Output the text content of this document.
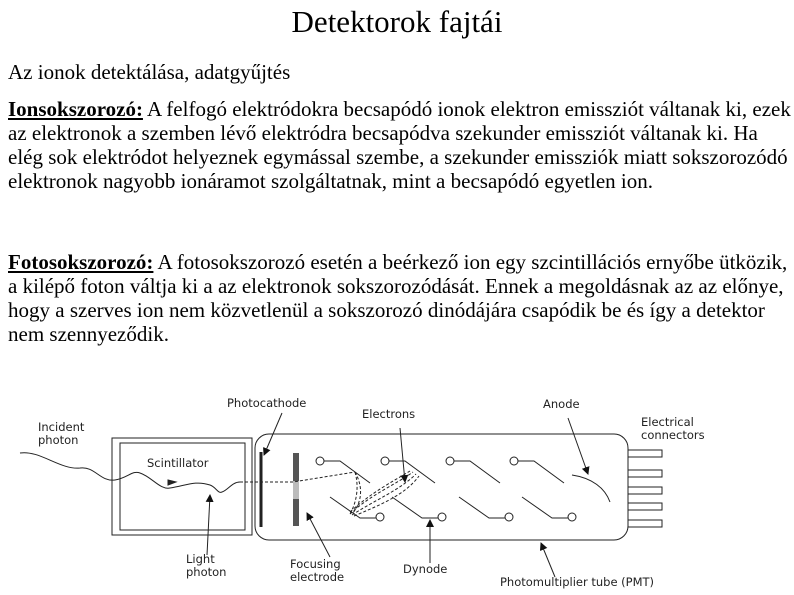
Detektorok fajtái
Az ionok detektálása, adatgyűjtés
Ionsokszorozó: A felfogó elektródokra becsapódó ionok elektron emissziót váltanak ki, ezek az elektronok a szemben lévő elektródra becsapódva szekunder emissziót váltanak ki. Ha elég sok elektródot helyeznek egymással szembe, a szekunder emissziók miatt sokszorozódó elektronok nagyobb ionáramot szolgáltatnak, mint a becsapódó egyetlen ion.
Fotosokszorozó: A fotosokszorozó esetén a beérkező ion egy szcintillációs ernyőbe ütközik, a kilépő foton váltja ki a az elektronok sokszorozódását. Ennek a megoldásnak az az előnye, hogy a szerves ion nem közvetlenül a sokszorozó dinódájára csapódik be és így a detektor nem szennyeződik.
Incident
photon
Scintillator
Photocathode
Electrons
Anode
Electrical
connectors
Light
photon
Focusing
electrode
Dynode
Photomultiplier tube (PMT)
